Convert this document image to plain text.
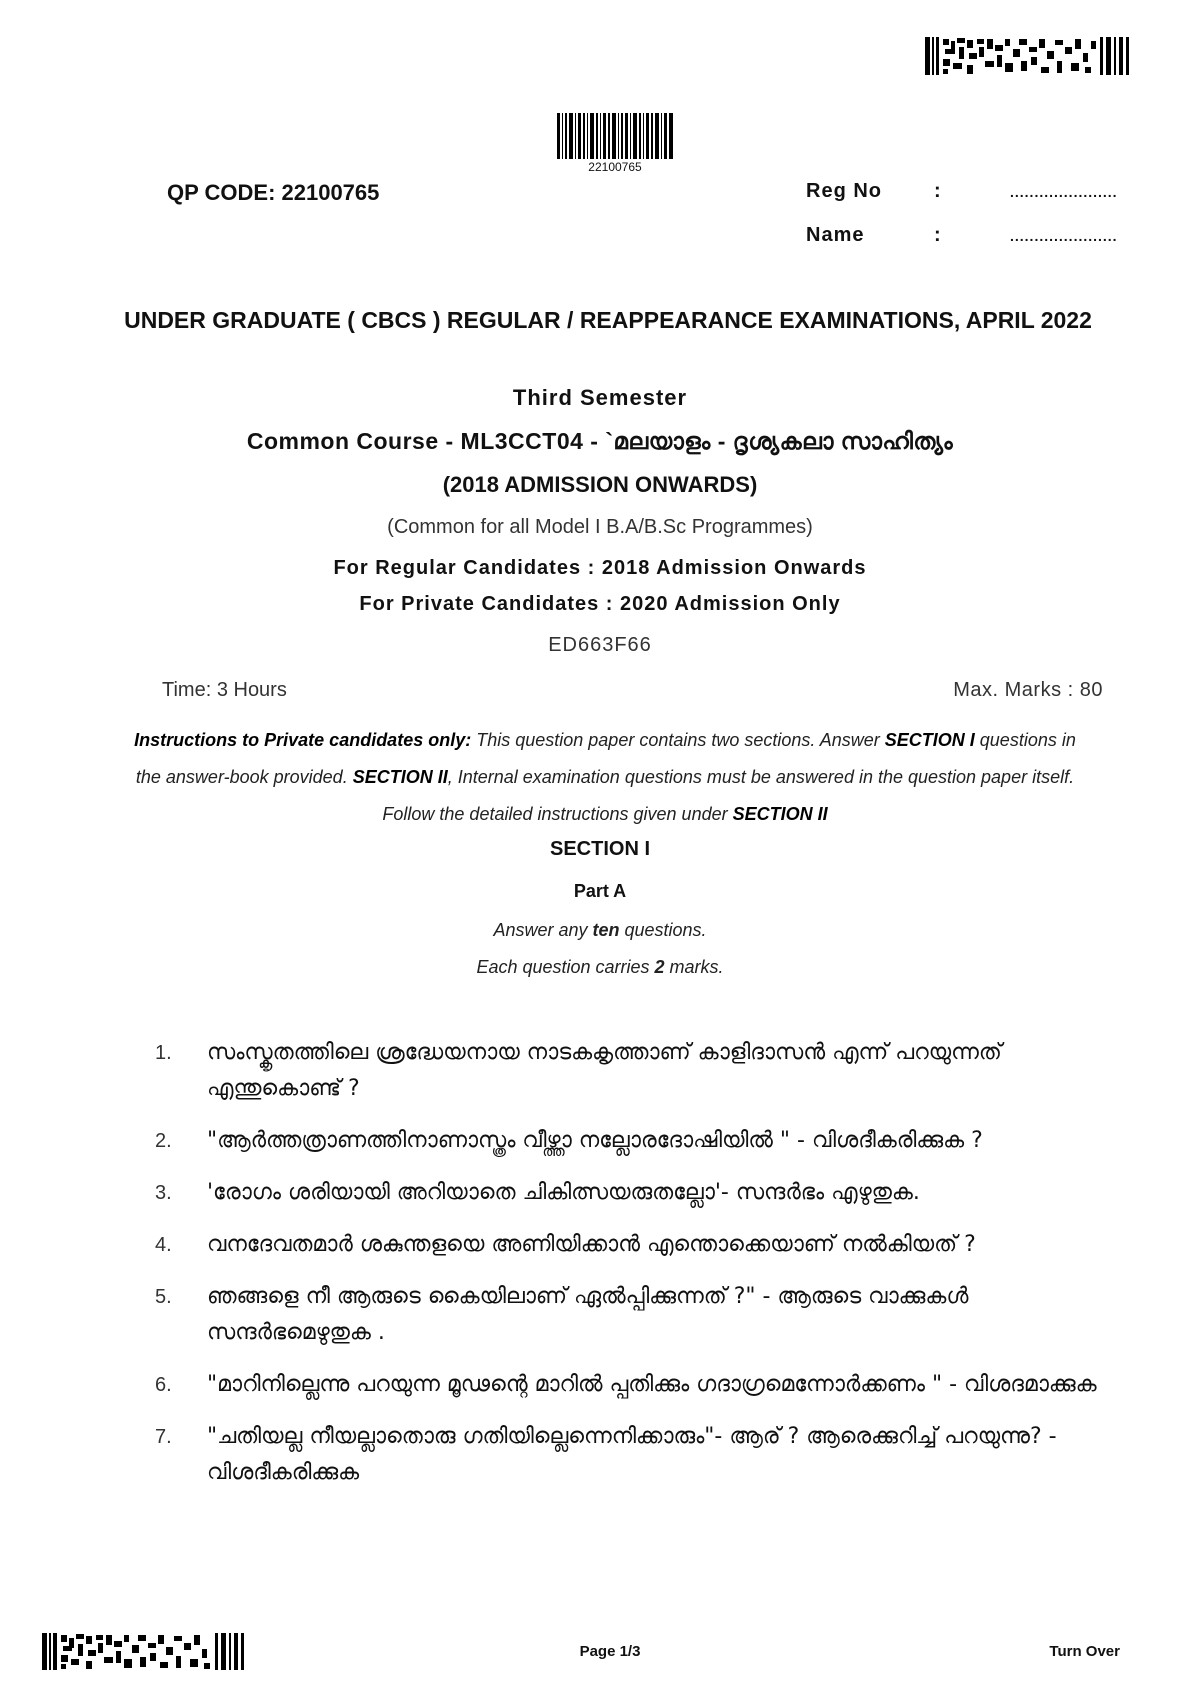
22100765
QP CODE: 22100765	Reg No	:	......................
Name	:	......................
UNDER GRADUATE ( CBCS ) REGULAR / REAPPEARANCE EXAMINATIONS, APRIL 2022
Third Semester
Common Course - ML3CCT04 - `മലയാളം - ദൃശ്യകലാ സാഹിത്യം
(2018 ADMISSION ONWARDS)
(Common for all Model I B.A/B.Sc Programmes)
For Regular Candidates : 2018 Admission Onwards
For Private Candidates : 2020 Admission Only
ED663F66
Time: 3 Hours	Max. Marks : 80
Instructions to Private candidates only: This question paper contains two sections. Answer SECTION I questions in the answer-book provided. SECTION II, Internal examination questions must be answered in the question paper itself. Follow the detailed instructions given under SECTION II
SECTION I
Part A
Answer any ten questions.
Each question carries 2 marks.
1.	സംസ്കൃതത്തിലെ ശ്രദ്ധേയനായ നാടകകൃത്താണ് കാളിദാസൻ എന്ന് പറയുന്നത് എന്തുകൊണ്ട് ?
2.	"ആർത്തത്രാണത്തിനാണാസ്ത്രം വീഴ്ത്താ നല്ലോരദോഷിയിൽ " - വിശദീകരിക്കുക ?
3.	'രോഗം ശരിയായി അറിയാതെ ചികിത്സയരുതല്ലോ'- സന്ദർഭം എഴുതുക.
4.	വനദേവതമാർ ശകുന്തളയെ അണിയിക്കാൻ എന്തൊക്കെയാണ് നൽകിയത് ?
5.	ഞങ്ങളെ നീ ആരുടെ കൈയിലാണ് ഏൽപ്പിക്കുന്നത് ?" - ആരുടെ വാക്കുകൾ സന്ദർഭമെഴുതുക .
6.	"മാറിനില്ലെന്നു പറയുന്ന മൂഢന്റെ മാറിൽ പ്പതിക്കും ഗദാഗ്രമെന്നോർക്കണം " - വിശദമാക്കുക
7.	"ചതിയല്ല നീയല്ലാതൊരു ഗതിയില്ലെന്നെനിക്കാരും"- ആര് ? ആരെക്കുറിച്ച് പറയുന്നു? - വിശദീകരിക്കുക
Page 1/3	Turn Over
